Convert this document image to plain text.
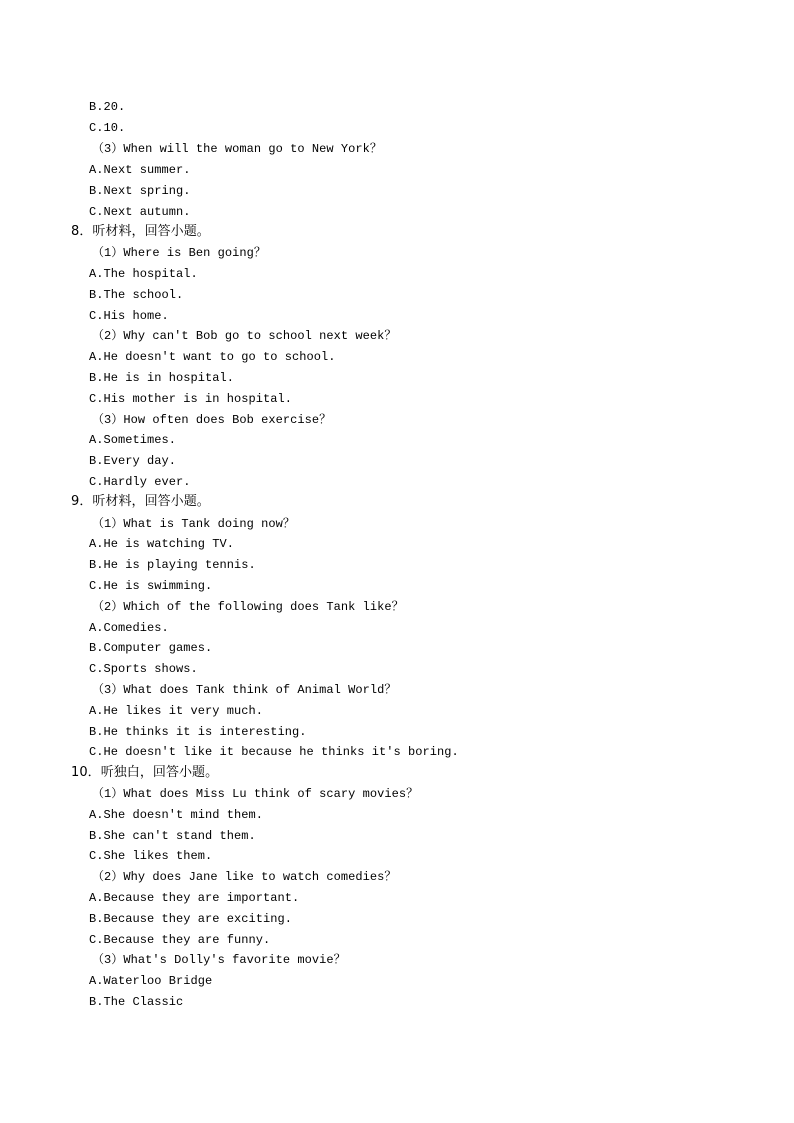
B.20.
C.10.
（3）When will the woman go to New York？
A.Next summer.
B.Next spring.
C.Next autumn.
8．听材料，回答小题。
（1）Where is Ben going？
A.The hospital.
B.The school.
C.His home.
（2）Why can't Bob go to school next week？
A.He doesn't want to go to school.
B.He is in hospital.
C.His mother is in hospital.
（3）How often does Bob exercise？
A.Sometimes.
B.Every day.
C.Hardly ever.
9．听材料，回答小题。
（1）What is Tank doing now？
A.He is watching TV.
B.He is playing tennis.
C.He is swimming.
（2）Which of the following does Tank like？
A.Comedies.
B.Computer games.
C.Sports shows.
（3）What does Tank think of Animal World？
A.He likes it very much.
B.He thinks it is interesting.
C.He doesn't like it because he thinks it's boring.
10．听独白，回答小题。
（1）What does Miss Lu think of scary movies？
A.She doesn't mind them.
B.She can't stand them.
C.She likes them.
（2）Why does Jane like to watch comedies？
A.Because they are important.
B.Because they are exciting.
C.Because they are funny.
（3）What's Dolly's favorite movie？
A.Waterloo Bridge
B.The Classic
